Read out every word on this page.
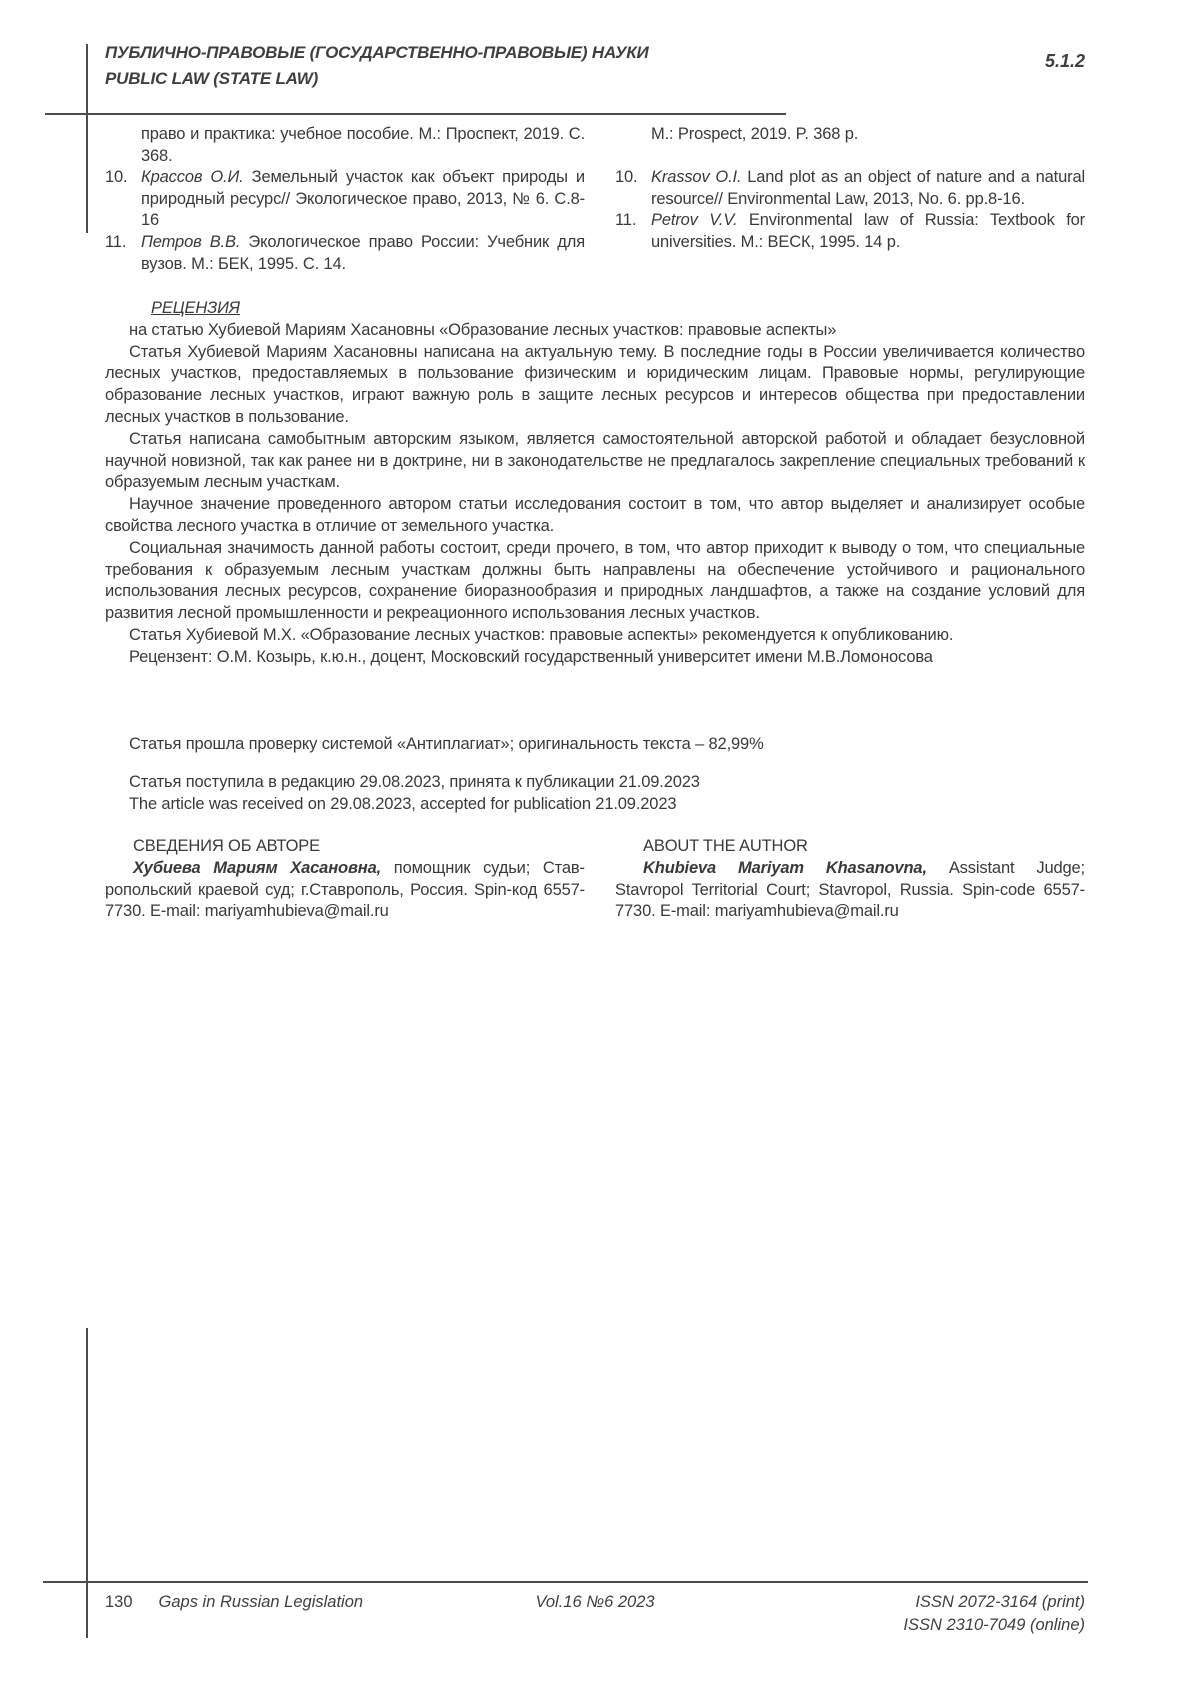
ПУБЛИЧНО-ПРАВОВЫЕ (ГОСУДАРСТВЕННО-ПРАВОВЫЕ) НАУКИ
PUBLIC LAW (STATE LAW)
5.1.2
право и практика: учебное пособие. М.: Проспект, 2019. С. 368.
10. Крассов О.И. Земельный участок как объект природы и природный ресурс// Экологическое право, 2013, № 6. С.8-16
11. Петров В.В. Экологическое право России: Учебник для вузов. М.: БЕК, 1995. С. 14.
М.: Prospect, 2019. P. 368 p.
10. Krassov O.I. Land plot as an object of nature and a natural resource// Environmental Law, 2013, No. 6. pp.8-16.
11. Petrov V.V. Environmental law of Russia: Textbook for universities. М.: ВЕСК, 1995. 14 p.
РЕЦЕНЗИЯ
на статью Хубиевой Мариям Хасановны «Образование лесных участков: правовые аспекты»

Статья Хубиевой Мариям Хасановны написана на актуальную тему. В последние годы в России увеличивается количество лесных участков, предоставляемых в пользование физическим и юридическим лицам. Правовые нормы, регулирующие образование лесных участков, играют важную роль в защите лесных ресурсов и интересов общества при предоставлении лесных участков в пользование.

Статья написана самобытным авторским языком, является самостоятельной авторской работой и обладает безусловной научной новизной, так как ранее ни в доктрине, ни в законодательстве не предлагалось закрепление специальных требований к образуемым лесным участкам.

Научное значение проведенного автором статьи исследования состоит в том, что автор выделяет и анализирует особые свойства лесного участка в отличие от земельного участка.

Социальная значимость данной работы состоит, среди прочего, в том, что автор приходит к выводу о том, что специальные требования к образуемым лесным участкам должны быть направлены на обеспечение устойчивого и рационального использования лесных ресурсов, сохранение биоразнообразия и природных ландшафтов, а также на создание условий для развития лесной промышленности и рекреационного использования лесных участков.

Статья Хубиевой М.Х. «Образование лесных участков: правовые аспекты» рекомендуется к опубликованию.

Рецензент: О.М. Козырь, к.ю.н., доцент, Московский государственный университет имени М.В.Ломоносова

Статья прошла проверку системой «Антиплагиат»; оригинальность текста – 82,99%
Статья поступила в редакцию 29.08.2023, принята к публикации 21.09.2023
The article was received on 29.08.2023, accepted for publication 21.09.2023
СВЕДЕНИЯ ОБ АВТОРЕ

Хубиева Мариям Хасановна, помощник судьи; Ставропольский краевой суд; г.Ставрополь, Россия. Spin-код 6557-7730. E-mail: mariyamhubieva@mail.ru

ABOUT THE AUTHOR

Khubieva Mariyam Khasanovna, Assistant Judge; Stavropol Territorial Court; Stavropol, Russia. Spin-code 6557-7730. E-mail: mariyamhubieva@mail.ru

130 Gaps in Russian Legislation	Vol.16 №6 2023	ISSN 2072-3164 (print)
ISSN 2310-7049 (online)
